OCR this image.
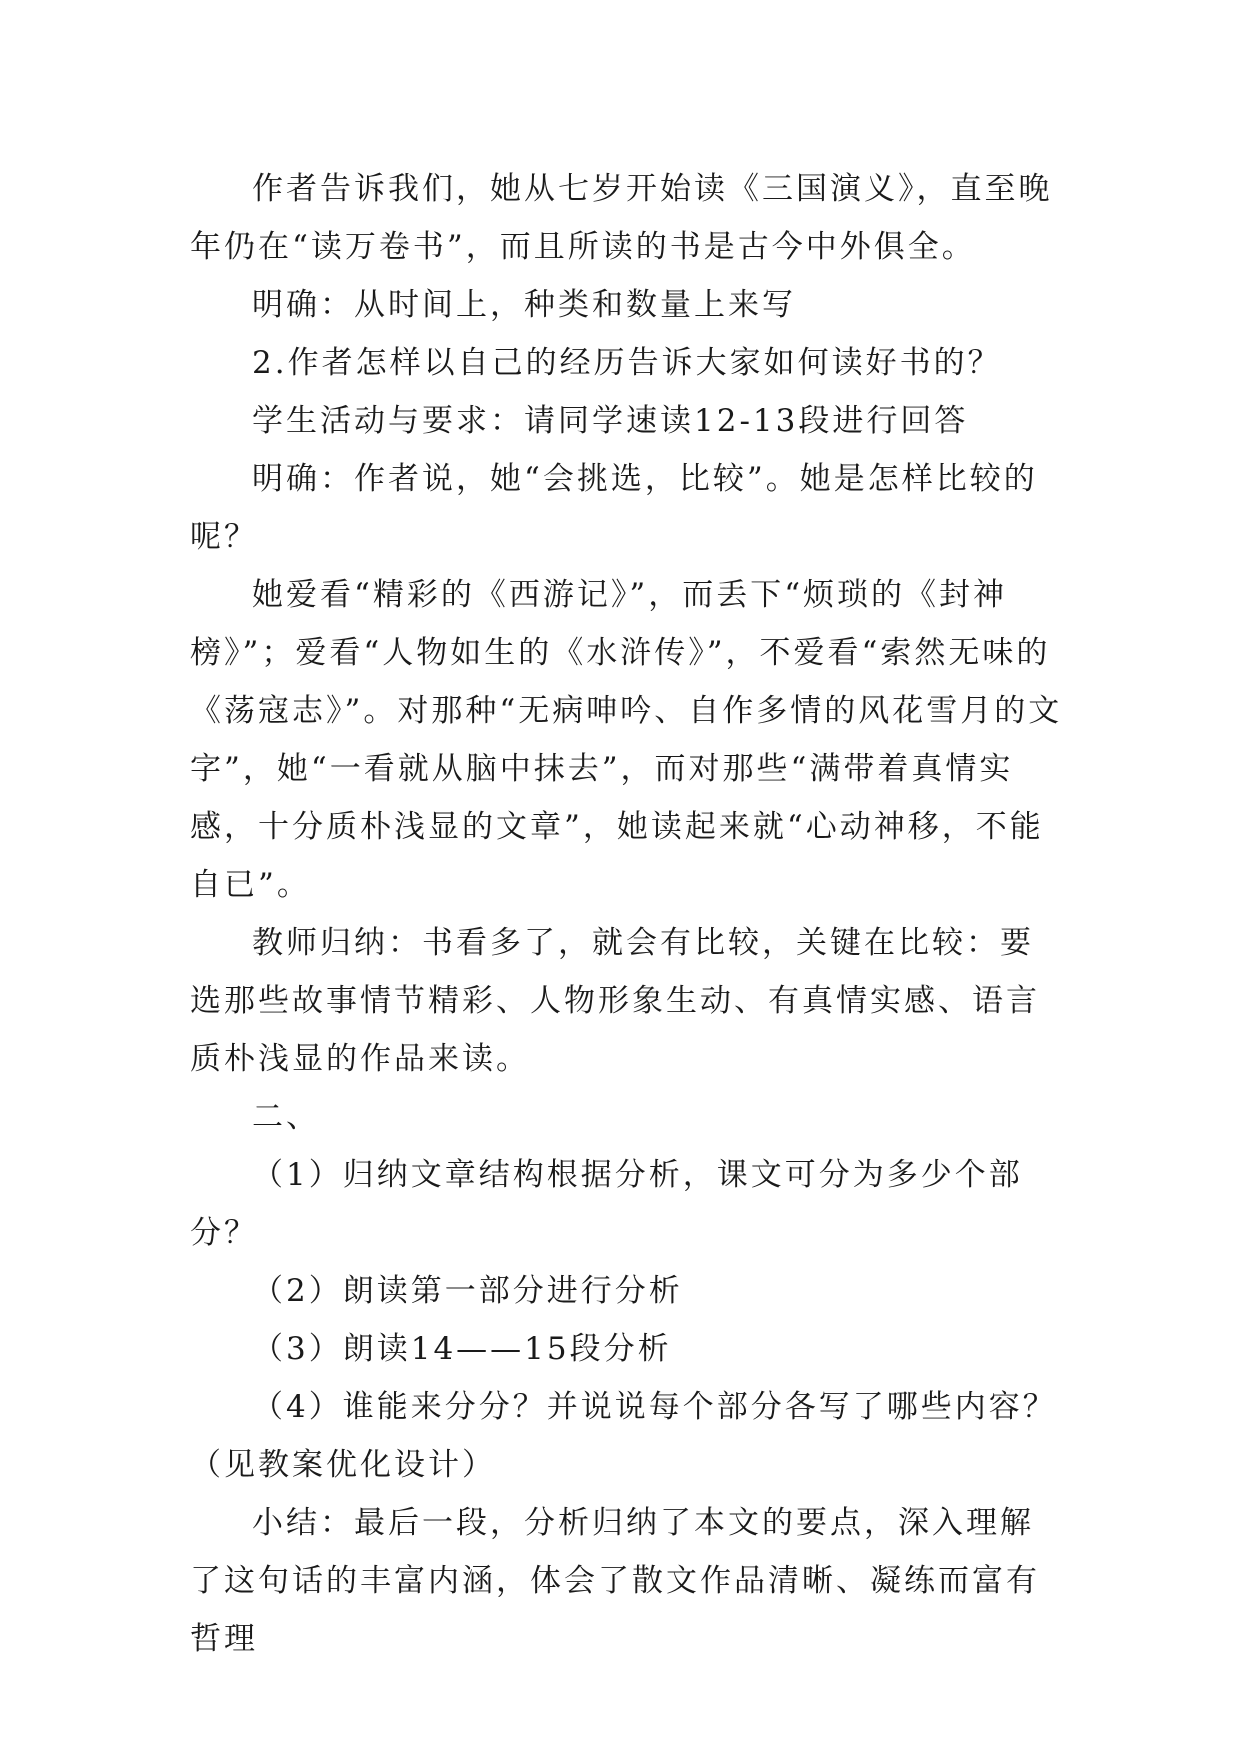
作者告诉我们，她从七岁开始读《三国演义》，直至晚年仍在“读万卷书”，而且所读的书是古今中外俱全。

明确：从时间上，种类和数量上来写

2.作者怎样以自己的经历告诉大家如何读好书的？

学生活动与要求：请同学速读12-13段进行回答

明确：作者说，她“会挑选，比较”。她是怎样比较的呢？

她爱看“精彩的《西游记》”，而丢下“烦琐的《封神榜》”；爱看“人物如生的《水浒传》”，不爱看“索然无味的《荡寇志》”。对那种“无病呻吟、自作多情的风花雪月的文字”，她“一看就从脑中抹去”，而对那些“满带着真情实感，十分质朴浅显的文章”，她读起来就“心动神移，不能自已”。

教师归纳：书看多了，就会有比较，关键在比较：要选那些故事情节精彩、人物形象生动、有真情实感、语言质朴浅显的作品来读。

二、

（1）归纳文章结构根据分析，课文可分为多少个部分？

（2）朗读第一部分进行分析

（3）朗读14——15段分析

（4）谁能来分分？并说说每个部分各写了哪些内容？（见教案优化设计）

小结：最后一段，分析归纳了本文的要点，深入理解了这句话的丰富内涵，体会了散文作品清晰、凝练而富有哲理
